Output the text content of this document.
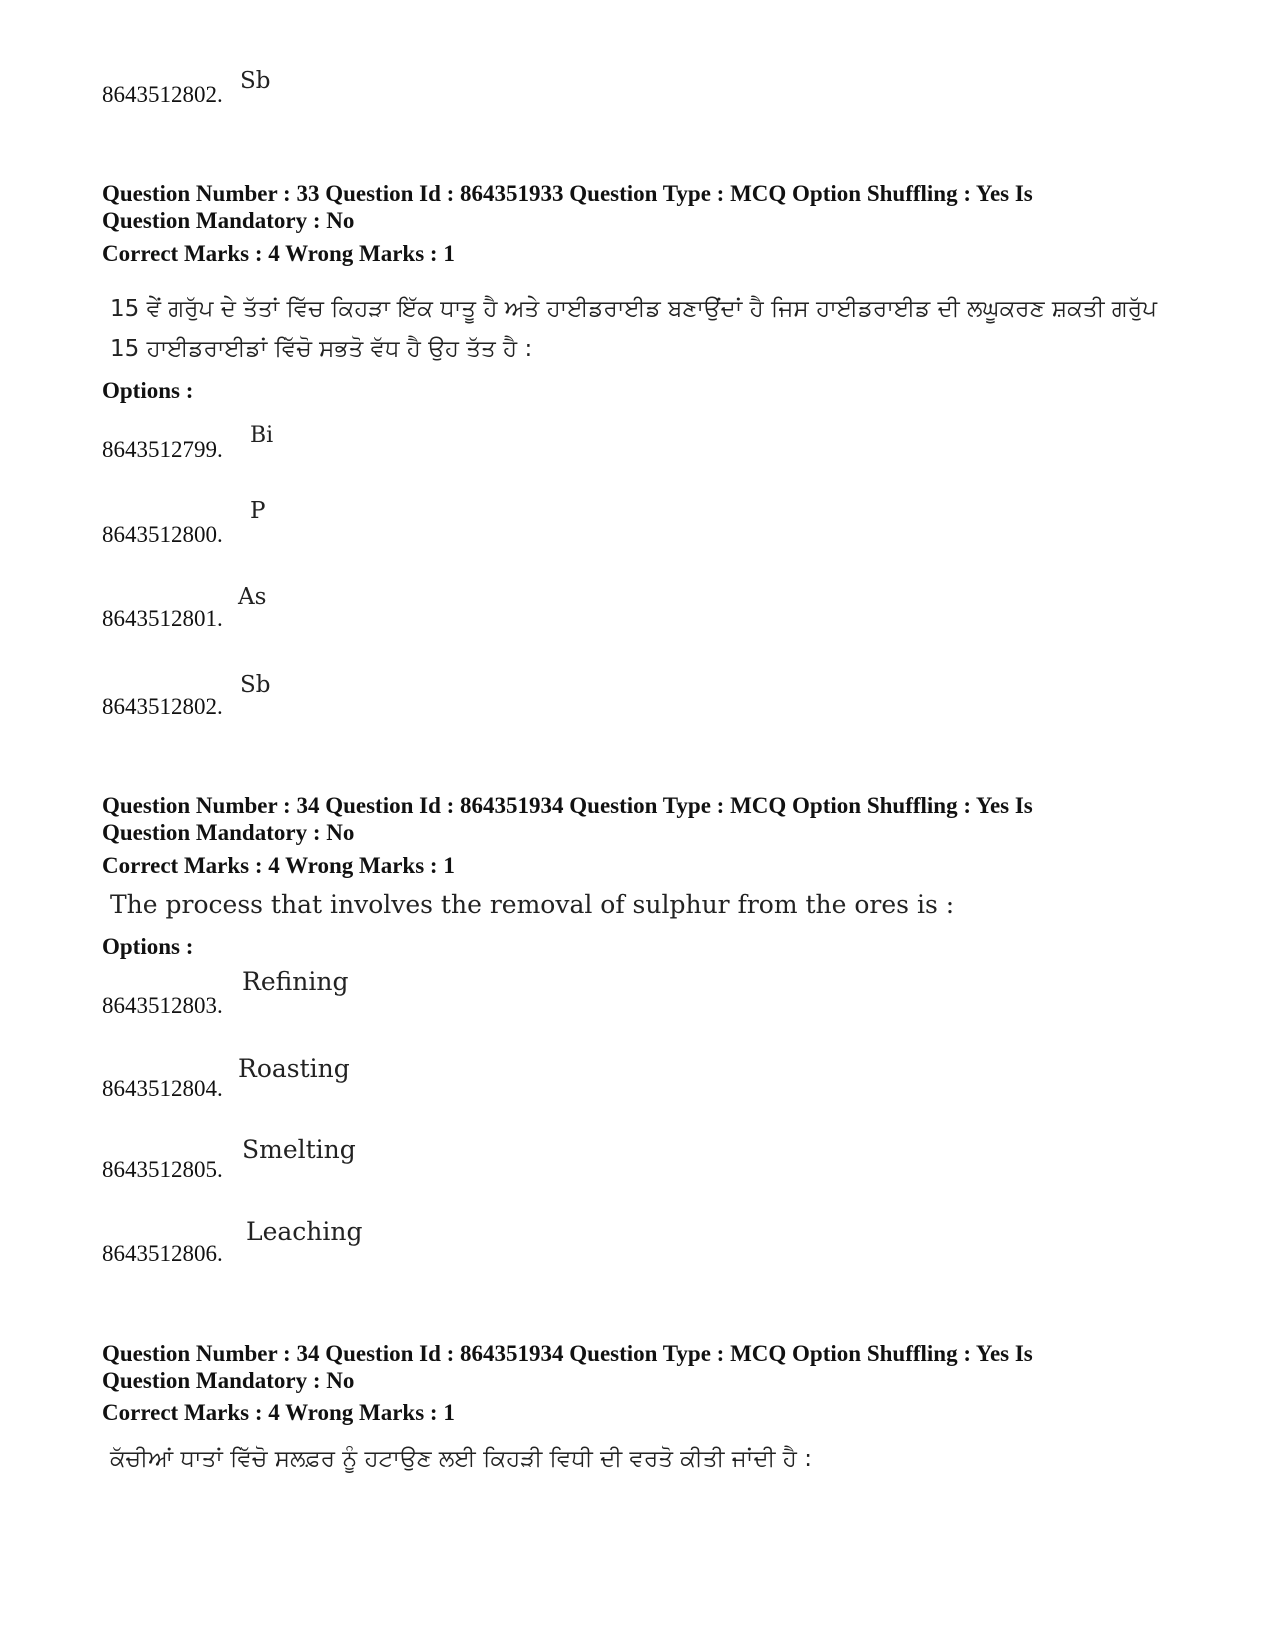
8643512802.
Sb
Question Number : 33 Question Id : 864351933 Question Type : MCQ Option Shuffling : Yes Is
Question Mandatory : No
Correct Marks : 4 Wrong Marks : 1
15 ਵੇਂ ਗਰੁੱਪ ਦੇ ਤੱਤਾਂ ਵਿੱਚ ਕਿਹੜਾ ਇੱਕ ਧਾਤੂ ਹੈ ਅਤੇ ਹਾਈਡਰਾਈਡ ਬਣਾਉਂਦਾਂ ਹੈ ਜਿਸ ਹਾਈਡਰਾਈਡ ਦੀ ਲਘੂਕਰਣ ਸ਼ਕਤੀ ਗਰੁੱਪ
15 ਹਾਈਡਰਾਈਡਾਂ ਵਿੱਚੋ ਸਭਤੋ ਵੱਧ ਹੈ ਉਹ ਤੱਤ ਹੈ :
Options :
8643512799.
Bi
8643512800.
P
8643512801.
As
8643512802.
Sb
Question Number : 34 Question Id : 864351934 Question Type : MCQ Option Shuffling : Yes Is
Question Mandatory : No
Correct Marks : 4 Wrong Marks : 1
The process that involves the removal of sulphur from the ores is :
Options :
8643512803.
Refining
8643512804.
Roasting
8643512805.
Smelting
8643512806.
Leaching
Question Number : 34 Question Id : 864351934 Question Type : MCQ Option Shuffling : Yes Is
Question Mandatory : No
Correct Marks : 4 Wrong Marks : 1
ਕੱਚੀਆਂ ਧਾਤਾਂ ਵਿੱਚੋ ਸਲਫ਼ਰ ਨੂੰ ਹਟਾਉਣ ਲਈ ਕਿਹੜੀ ਵਿਧੀ ਦੀ ਵਰਤੋ ਕੀਤੀ ਜਾਂਦੀ ਹੈ :
